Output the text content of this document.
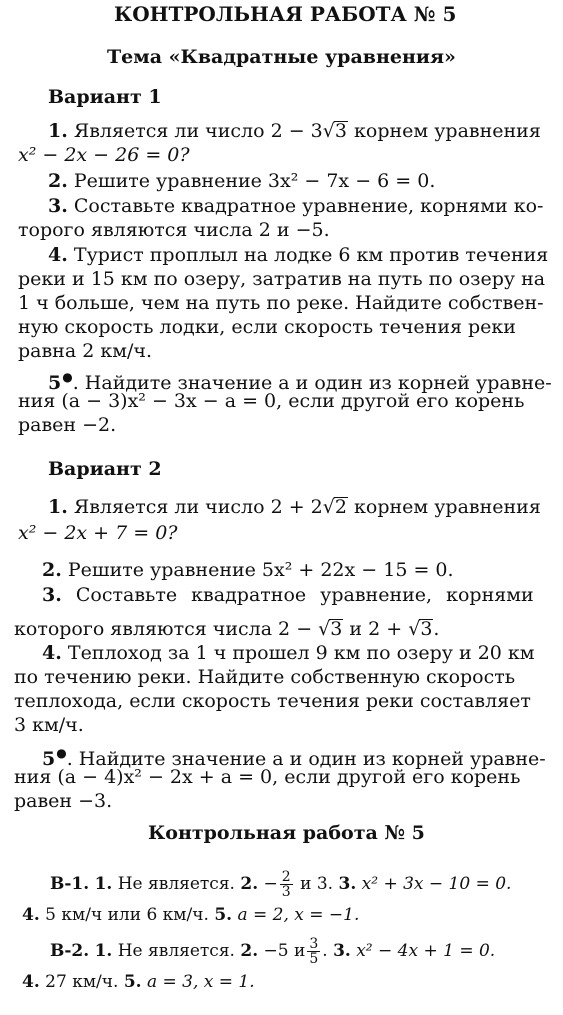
КОНТРОЛЬНАЯ РАБОТА № 5
Тема «Квадратные уравнения»
Вариант 1
1. Является ли число 2 − 3√3 корнем уравнения
x² − 2x − 26 = 0?
2. Решите уравнение 3x² − 7x − 6 = 0.
3. Составьте квадратное уравнение, корнями ко-
торого являются числа 2 и −5.
4. Турист проплыл на лодке 6 км против течения
реки и 15 км по озеру, затратив на путь по озеру на
1 ч больше, чем на путь по реке. Найдите собствен-
ную скорость лодки, если скорость течения реки
равна 2 км/ч.
5●. Найдите значение a и один из корней уравне-
ния (a − 3)x² − 3x − a = 0, если другой его корень
равен −2.
Вариант 2
1. Является ли число 2 + 2√2 корнем уравнения
x² − 2x + 7 = 0?
2. Решите уравнение 5x² + 22x − 15 = 0.
3. Составьте квадратное уравнение, корнями
которого являются числа 2 − √3 и 2 + √3.
4. Теплоход за 1 ч прошел 9 км по озеру и 20 км
по течению реки. Найдите собственную скорость
теплохода, если скорость течения реки составляет
3 км/ч.
5●. Найдите значение a и один из корней уравне-
ния (a − 4)x² − 2x + a = 0, если другой его корень
равен −3.
Контрольная работа № 5
В-1. 1. Не является. 2. − $\frac{2}{3}$ и 3. 3. x² + 3x − 10 = 0.
4. 5 км/ч или 6 км/ч. 5. a = 2, x = −1.
В-2. 1. Не является. 2. −5 и $\frac{3}{5}$ . 3. x² − 4x + 1 = 0.
4. 27 км/ч. 5. a = 3, x = 1.
